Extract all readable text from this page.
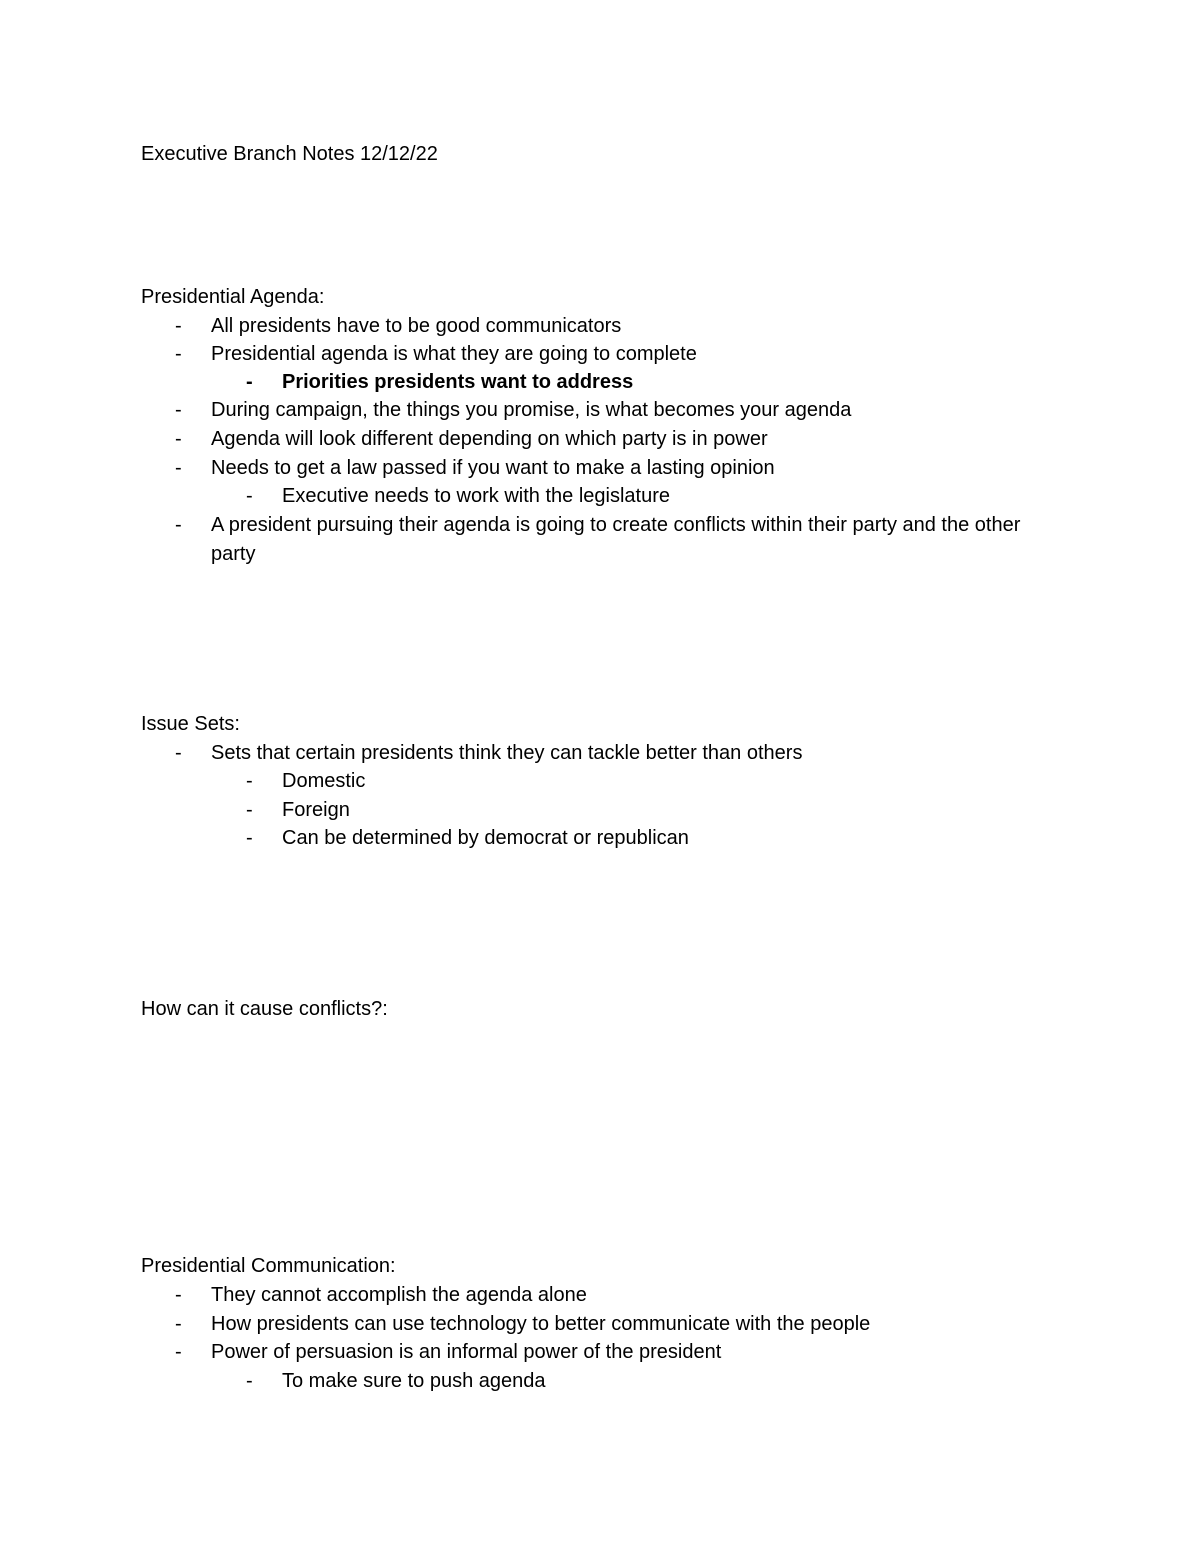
Executive Branch Notes 12/12/22
Presidential Agenda:
- All presidents have to be good communicators
- Presidential agenda is what they are going to complete
- Priorities presidents want to address
- During campaign, the things you promise, is what becomes your agenda
- Agenda will look different depending on which party is in power
- Needs to get a law passed if you want to make a lasting opinion
- Executive needs to work with the legislature
- A president pursuing their agenda is going to create conflicts within their party and the other party
Issue Sets:
- Sets that certain presidents think they can tackle better than others
- Domestic
- Foreign
- Can be determined by democrat or republican
How can it cause conflicts?:
Presidential Communication:
- They cannot accomplish the agenda alone
- How presidents can use technology to better communicate with the people
- Power of persuasion is an informal power of the president
- To make sure to push agenda
